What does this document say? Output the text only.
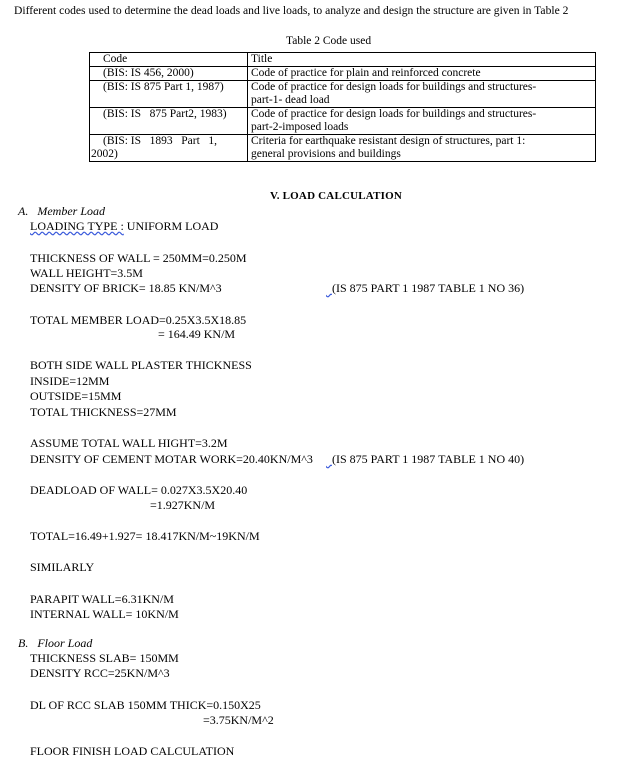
Different codes used to determine the dead loads and live loads, to analyze and design the structure are given in Table 2
Table 2 Code used
Code	Title
(BIS: IS 456, 2000)	Code of practice for plain and reinforced concrete
(BIS: IS 875 Part 1, 1987)	Code of practice for design loads for buildings and structures-
part-1- dead load
(BIS: IS   875 Part2, 1983)	Code of practice for design loads for buildings and structures-
part-2-imposed loads
(BIS: IS   1893   Part   1,
2002)	Criteria for earthquake resistant design of structures, part 1:
general provisions and buildings
V. LOAD CALCULATION
A.   Member Load
LOADING TYPE : UNIFORM LOAD
THICKNESS OF WALL = 250MM=0.250M
WALL HEIGHT=3.5M
DENSITY OF BRICK= 18.85 KN/M^3	(IS 875 PART 1 1987 TABLE 1 NO 36)
TOTAL MEMBER LOAD=0.25X3.5X18.85
= 164.49 KN/M
BOTH SIDE WALL PLASTER THICKNESS
INSIDE=12MM
OUTSIDE=15MM
TOTAL THICKNESS=27MM
ASSUME TOTAL WALL HIGHT=3.2M
DENSITY OF CEMENT MOTAR WORK=20.40KN/M^3	(IS 875 PART 1 1987 TABLE 1 NO 40)
DEADLOAD OF WALL= 0.027X3.5X20.40
=1.927KN/M
TOTAL=16.49+1.927= 18.417KN/M~19KN/M
SIMILARLY
PARAPIT WALL=6.31KN/M
INTERNAL WALL= 10KN/M
B.   Floor Load
THICKNESS SLAB= 150MM
DENSITY RCC=25KN/M^3
DL OF RCC SLAB 150MM THICK=0.150X25
=3.75KN/M^2
FLOOR FINISH LOAD CALCULATION
